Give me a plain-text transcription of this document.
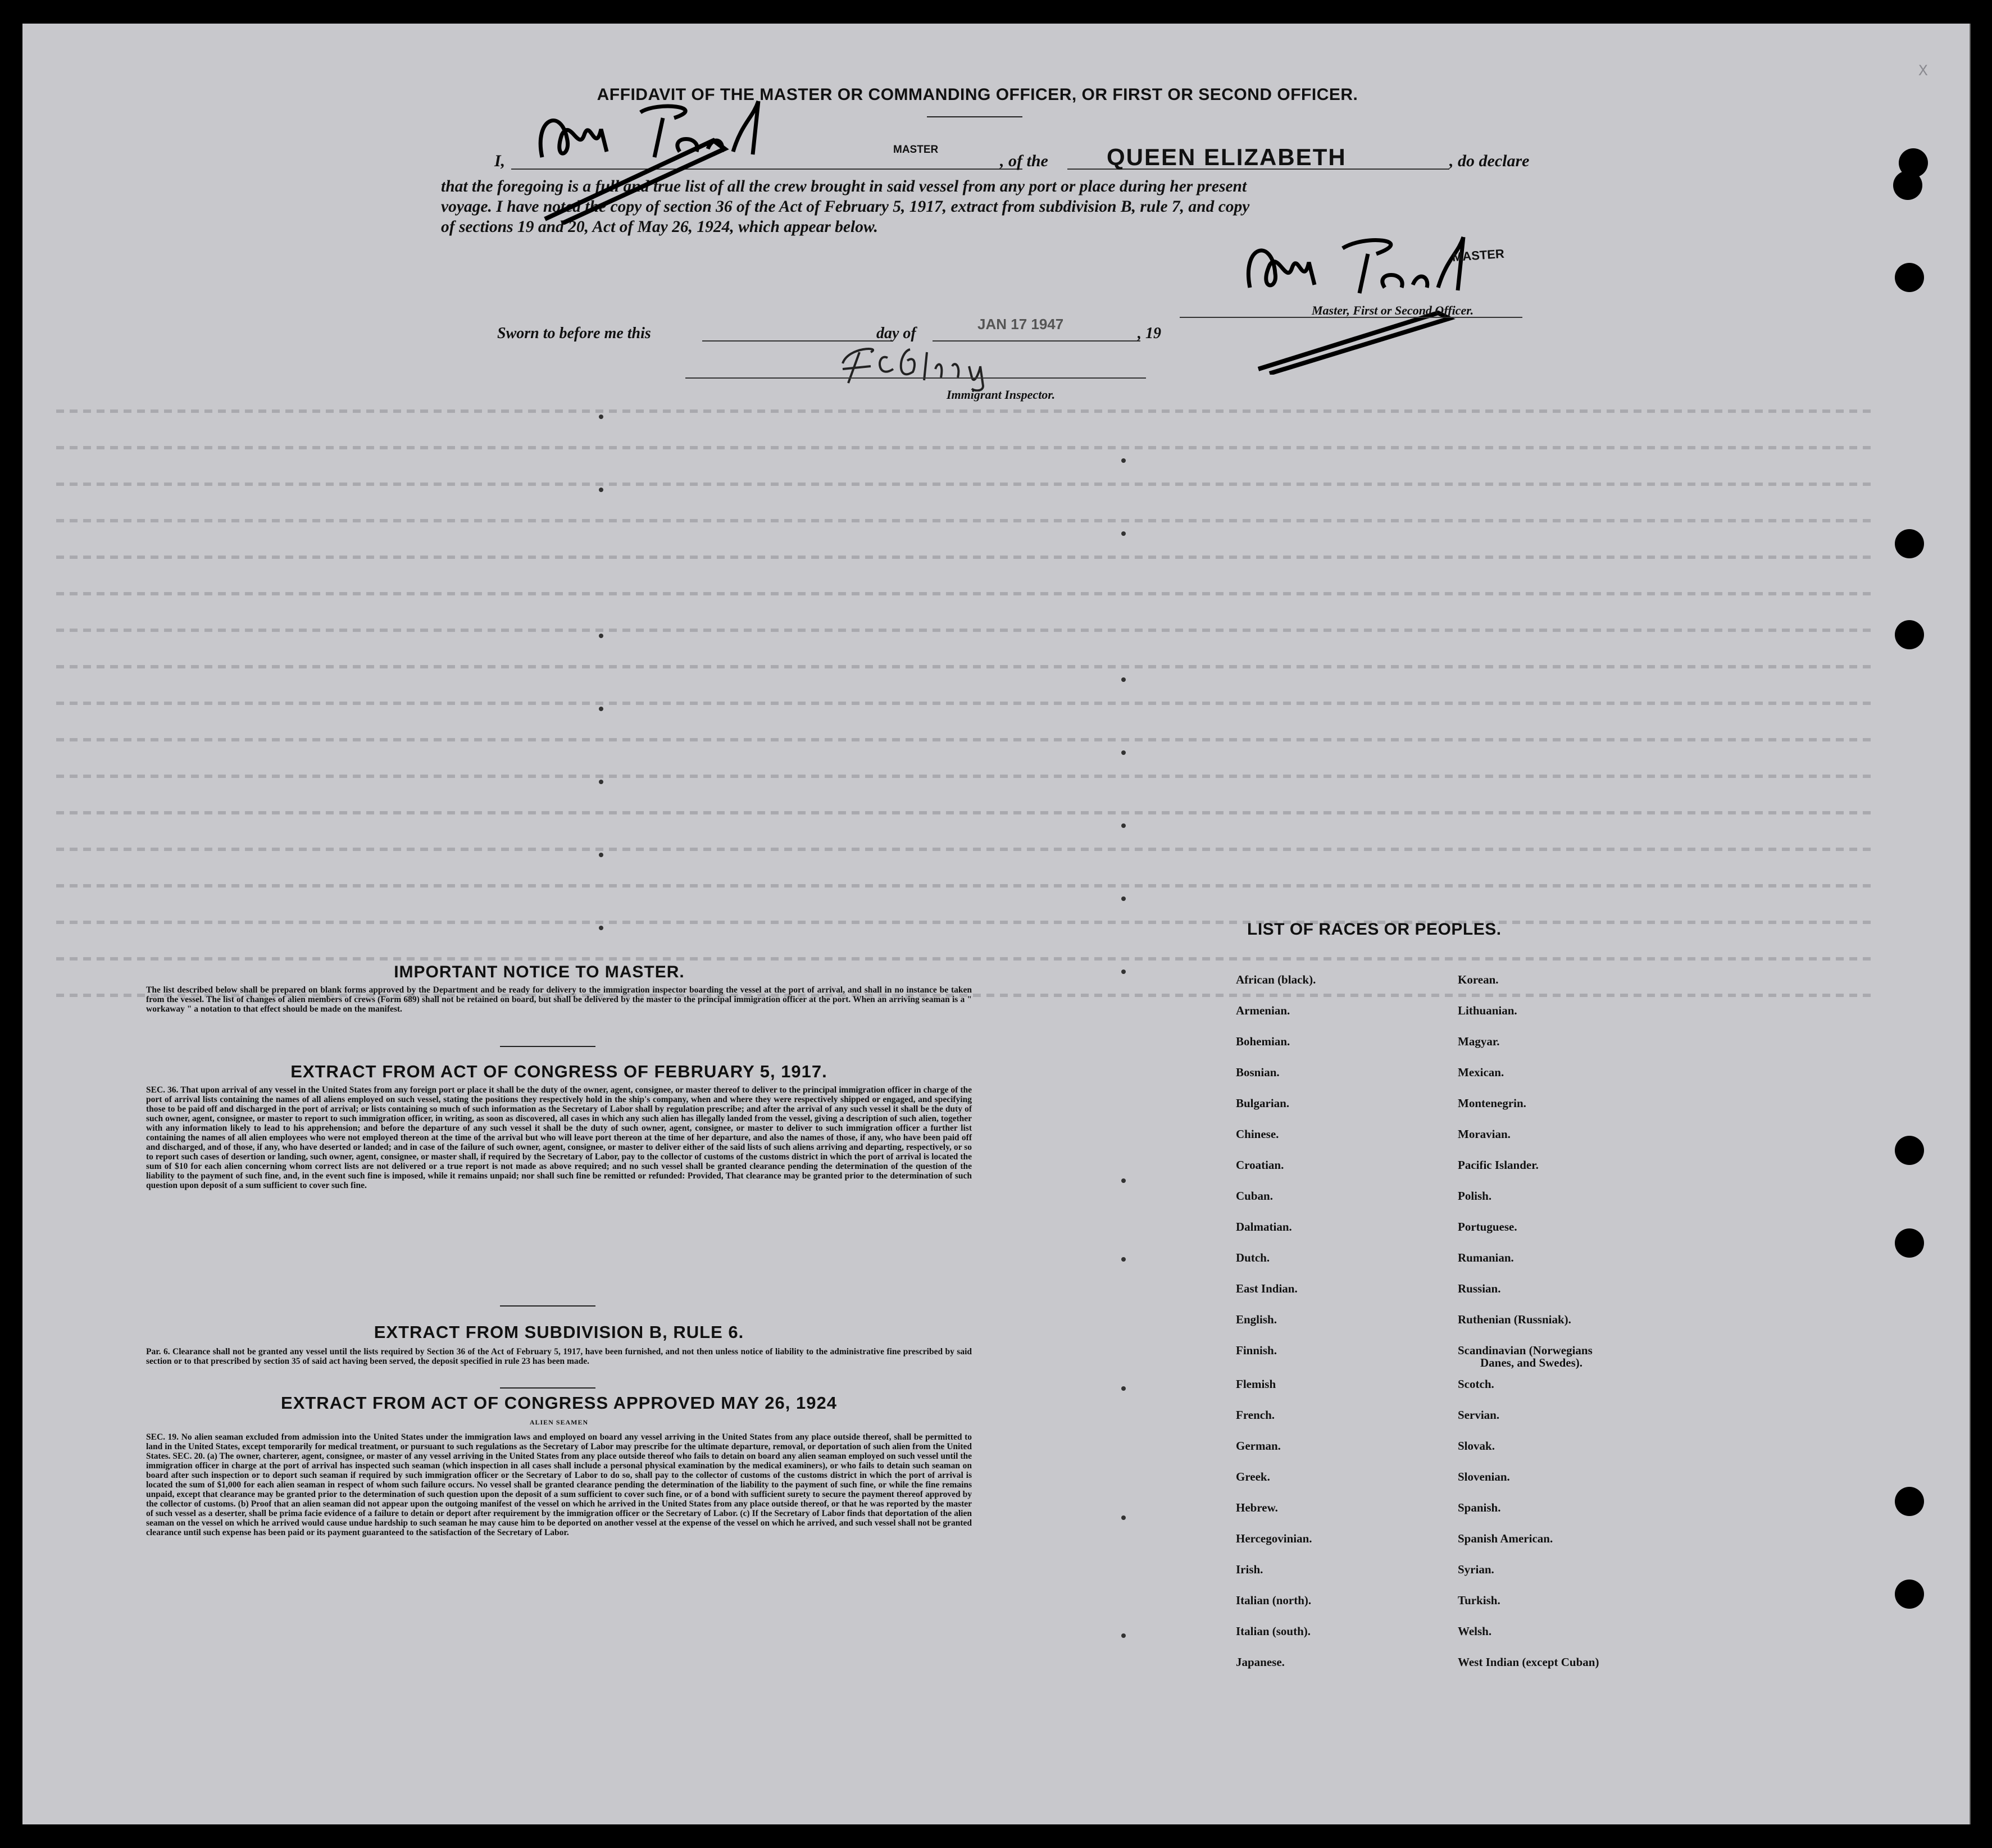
X
AFFIDAVIT OF THE MASTER OR COMMANDING OFFICER, OR FIRST OR SECOND OFFICER.
I,
MASTER
, of the QUEEN ELIZABETH	, do declare
that the foregoing is a full and true list of all the crew brought in said vessel from any port or place during her present
voyage. I have noted the copy of section 36 of the Act of February 5, 1917, extract from subdivision B, rule 7, and copy
of sections 19 and 20, Act of May 26, 1924, which appear below.
MASTER
Master, First or Second Officer.
Sworn to before me this	day of
JAN 17 1947
, 19
Immigrant Inspector.
IMPORTANT NOTICE TO MASTER.
The list described below shall be prepared on blank forms approved by the Department and be ready for delivery to the immigration inspector boarding the vessel at the port of arrival, and shall in no instance be taken from the vessel. The list of changes of alien members of crews (Form 689) shall not be retained on board, but shall be delivered by the master to the principal immigration officer at the port. When an arriving seaman is a " workaway " a notation to that effect should be made on the manifest.
EXTRACT FROM ACT OF CONGRESS OF FEBRUARY 5, 1917.
SEC. 36. That upon arrival of any vessel in the United States from any foreign port or place it shall be the duty of the owner, agent, consignee, or master thereof to deliver to the principal immigration officer in charge of the port of arrival lists containing the names of all aliens employed on such vessel, stating the positions they respectively hold in the ship's company, when and where they were respectively shipped or engaged, and specifying those to be paid off and discharged in the port of arrival; or lists containing so much of such information as the Secretary of Labor shall by regulation prescribe; and after the arrival of any such vessel it shall be the duty of such owner, agent, consignee, or master to report to such immigration officer, in writing, as soon as discovered, all cases in which any such alien has illegally landed from the vessel, giving a description of such alien, together with any information likely to lead to his apprehension; and before the departure of any such vessel it shall be the duty of such owner, agent, consignee, or master to deliver to such immigration officer a further list containing the names of all alien employees who were not employed thereon at the time of the arrival but who will leave port thereon at the time of her departure, and also the names of those, if any, who have been paid off and discharged, and of those, if any, who have deserted or landed; and in case of the failure of such owner, agent, consignee, or master to deliver either of the said lists of such aliens arriving and departing, respectively, or so to report such cases of desertion or landing, such owner, agent, consignee, or master shall, if required by the Secretary of Labor, pay to the collector of customs of the customs district in which the port of arrival is located the sum of $10 for each alien concerning whom correct lists are not delivered or a true report is not made as above required; and no such vessel shall be granted clearance pending the determination of the question of the liability to the payment of such fine, and, in the event such fine is imposed, while it remains unpaid; nor shall such fine be remitted or refunded: Provided, That clearance may be granted prior to the determination of such question upon deposit of a sum sufficient to cover such fine.
EXTRACT FROM SUBDIVISION B, RULE 6.
Par. 6. Clearance shall not be granted any vessel until the lists required by Section 36 of the Act of February 5, 1917, have been furnished, and not then unless notice of liability to the administrative fine prescribed by said section or to that prescribed by section 35 of said act having been served, the deposit specified in rule 23 has been made.
EXTRACT FROM ACT OF CONGRESS APPROVED MAY 26, 1924
ALIEN SEAMEN
SEC. 19. No alien seaman excluded from admission into the United States under the immigration laws and employed on board any vessel arriving in the United States from any place outside thereof, shall be permitted to land in the United States, except temporarily for medical treatment, or pursuant to such regulations as the Secretary of Labor may prescribe for the ultimate departure, removal, or deportation of such alien from the United States. SEC. 20. (a) The owner, charterer, agent, consignee, or master of any vessel arriving in the United States from any place outside thereof who fails to detain on board any alien seaman employed on such vessel until the immigration officer in charge at the port of arrival has inspected such seaman (which inspection in all cases shall include a personal physical examination by the medical examiners), or who fails to detain such seaman on board after such inspection or to deport such seaman if required by such immigration officer or the Secretary of Labor to do so, shall pay to the collector of customs of the customs district in which the port of arrival is located the sum of $1,000 for each alien seaman in respect of whom such failure occurs. No vessel shall be granted clearance pending the determination of the liability to the payment of such fine, or while the fine remains unpaid, except that clearance may be granted prior to the determination of such question upon the deposit of a sum sufficient to cover such fine, or of a bond with sufficient surety to secure the payment thereof approved by the collector of customs. (b) Proof that an alien seaman did not appear upon the outgoing manifest of the vessel on which he arrived in the United States from any place outside thereof, or that he was reported by the master of such vessel as a deserter, shall be prima facie evidence of a failure to detain or deport after requirement by the immigration officer or the Secretary of Labor. (c) If the Secretary of Labor finds that deportation of the alien seaman on the vessel on which he arrived would cause undue hardship to such seaman he may cause him to be deported on another vessel at the expense of the vessel on which he arrived, and such vessel shall not be granted clearance until such expense has been paid or its payment guaranteed to the satisfaction of the Secretary of Labor.
LIST OF RACES OR PEOPLES.
African (black).
Armenian.
Bohemian.
Bosnian.
Bulgarian.
Chinese.
Croatian.
Cuban.
Dalmatian.
Dutch.
East Indian.
English.
Finnish.
Flemish
French.
German.
Greek.
Hebrew.
Hercegovinian.
Irish.
Italian (north).
Italian (south).
Japanese.
Korean.
Lithuanian.
Magyar.
Mexican.
Montenegrin.
Moravian.
Pacific Islander.
Polish.
Portuguese.
Rumanian.
Russian.
Ruthenian (Russniak).
Scandinavian (Norwegians
Danes, and Swedes).
Scotch.
Servian.
Slovak.
Slovenian.
Spanish.
Spanish American.
Syrian.
Turkish.
Welsh.
West Indian (except Cuban)
